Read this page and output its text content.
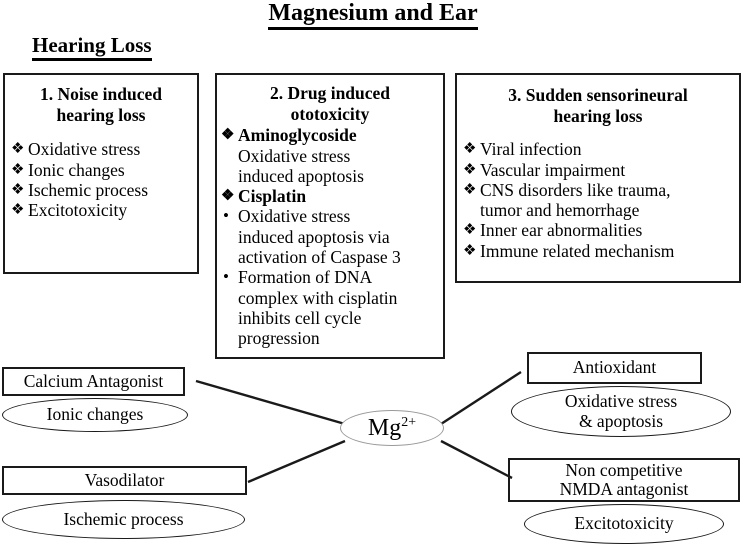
Magnesium and Ear
Hearing Loss
1. Noise induced
hearing loss
❖ Oxidative stress
❖ Ionic changes
❖ Ischemic process
❖ Excitotoxicity
2. Drug induced
ototoxicity
❖ Aminoglycoside
Oxidative stress
induced apoptosis
❖ Cisplatin
• Oxidative stress
induced apoptosis via
activation of Caspase 3
• Formation of DNA
complex with cisplatin
inhibits cell cycle
progression
3. Sudden sensorineural
hearing loss
❖ Viral infection
❖ Vascular impairment
❖ CNS disorders like trauma,
tumor and hemorrhage
❖ Inner ear abnormalities
❖ Immune related mechanism
Calcium Antagonist
Ionic changes
Vasodilator
Ischemic process
Antioxidant
Oxidative stress
& apoptosis
Non competitive
NMDA antagonist
Excitotoxicity
$Mg^{2+}$
